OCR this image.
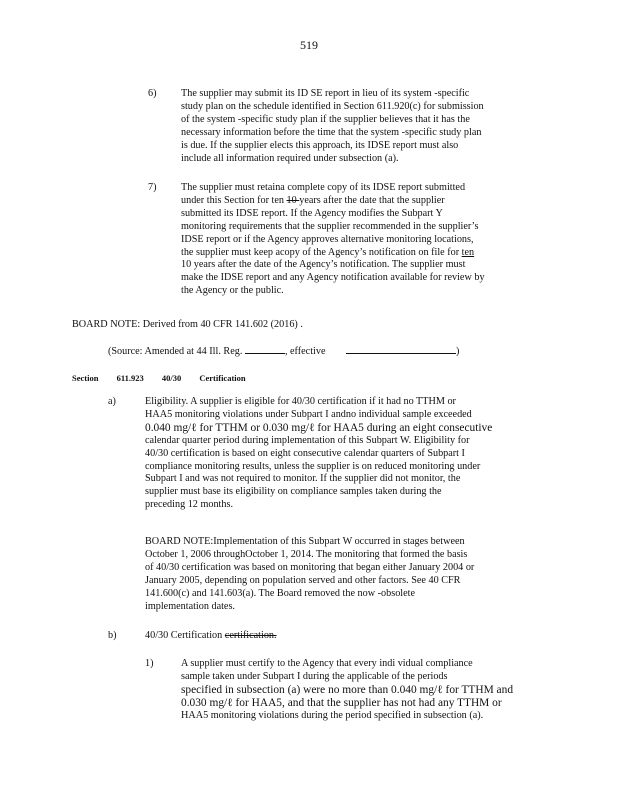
519
6) The supplier may submit its ID SE report in lieu of its system -specific
study plan on the schedule identified in Section 611.920(c) for submission
of the system -specific study plan if the supplier believes that it has the
necessary information before the time that the system -specific study plan
is due. If the supplier elects this approach, its IDSE report must also
include all information required under subsection (a).
7) The supplier must retaina complete copy of its IDSE report submitted
under this Section for ten 10 years after the date that the supplier
submitted its IDSE report. If the Agency modifies the Subpart Y
monitoring requirements that the supplier recommended in the supplier’s
IDSE report or if the Agency approves alternative monitoring locations,
the supplier must keep acopy of the Agency’s notification on file for ten
10 years after the date of the Agency’s notification. The supplier must
make the IDSE report and any Agency notification available for review by
the Agency or the public.
BOARD NOTE: Derived from 40 CFR 141.602 (2016) .
(Source: Amended at 44 Ill. Reg.	, effective	)
Section 611.923 40/30 Certification
a)	Eligibility. A supplier is eligible for 40/30 certification if it had no TTHM or
HAA5 monitoring violations under Subpart I andno individual sample exceeded
0.040 mg/ℓ for TTHM or 0.030 mg/ℓ for HAA5 during an eight consecutive
calendar quarter period during implementation of this Subpart W. Eligibility for
40/30 certification is based on eight consecutive calendar quarters of Subpart I
compliance monitoring results, unless the supplier is on reduced monitoring under
Subpart I and was not required to monitor. If the supplier did not monitor, the
supplier must base its eligibility on compliance samples taken during the
preceding 12 months.
BOARD NOTE:Implementation of this Subpart W occurred in stages between
October 1, 2006 throughOctober 1, 2014. The monitoring that formed the basis
of 40/30 certification was based on monitoring that began either January 2004 or
January 2005, depending on population served and other factors. See 40 CFR
141.600(c) and 141.603(a). The Board removed the now -obsolete
implementation dates.
b)	40/30 Certification certification.
1)	A supplier must certify to the Agency that every indi vidual compliance
sample taken under Subpart I during the applicable of the periods
specified in subsection (a) were no more than 0.040 mg/ℓ for TTHM and
0.030 mg/ℓ for HAA5, and that the supplier has not had any TTHM or
HAA5 monitoring violations during the period specified in subsection (a).
